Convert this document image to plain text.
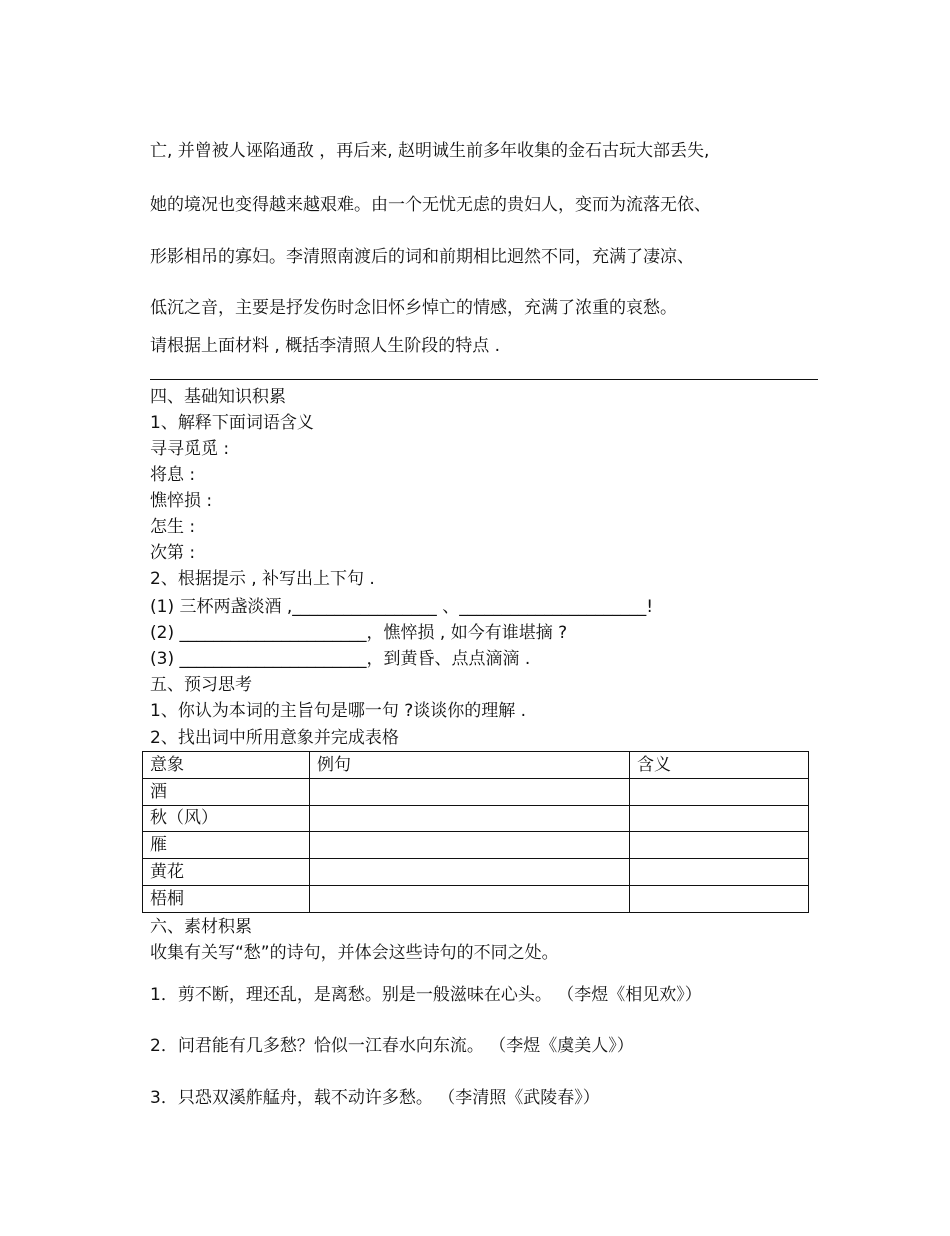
亡, 并曾被人诬陷通敌 ，再后来, 赵明诚生前多年收集的金石古玩大部丢失,
她的境况也变得越来越艰难。由一个无忧无虑的贵妇人，变而为流落无依、
形影相吊的寡妇。李清照南渡后的词和前期相比迥然不同，充满了凄凉、
低沉之音，主要是抒发伤时念旧怀乡悼亡的情感，充满了浓重的哀愁。
请根据上面材料 , 概括李清照人生阶段的特点 .
四、基础知识积累
1、解释下面词语含义
寻寻觅觅 :
将息 :
憔悴损 :
怎生 :
次第 :
2、根据提示 , 补写出上下句 .
(1) 三杯两盏淡酒 ,_________________ 、______________________!
(2) ______________________，憔悴损 , 如今有谁堪摘 ?
(3) ______________________，到黄昏、点点滴滴 .
五、预习思考
1、你认为本词的主旨句是哪一句 ?谈谈你的理解 .
2、找出词中所用意象并完成表格
意象	例句	含义
酒		
秋（风）		
雁		
黄花		
梧桐		
六、素材积累
收集有关写“愁”的诗句，并体会这些诗句的不同之处。
1．剪不断，理还乱，是离愁。别是一般滋味在心头。 （李煜《相见欢》）
2．问君能有几多愁？恰似一江春水向东流。 （李煜《虞美人》）
3．只恐双溪舴艋舟，载不动许多愁。 （李清照《武陵春》）
